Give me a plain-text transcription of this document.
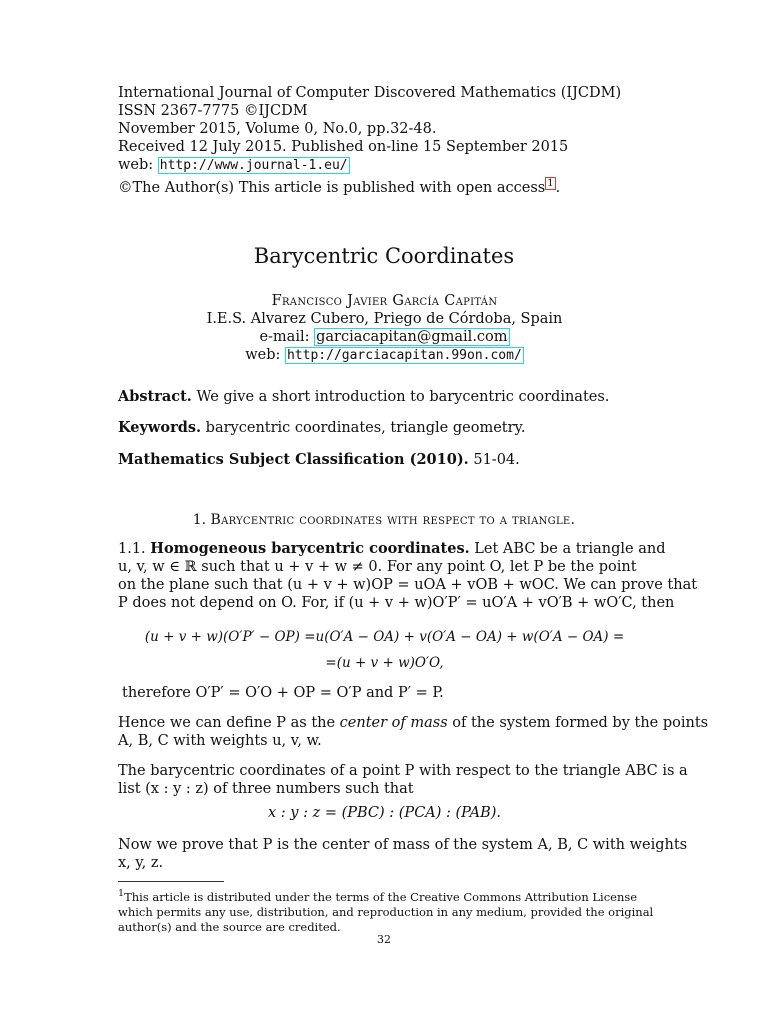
International Journal of Computer Discovered Mathematics (IJCDM)
ISSN 2367-7775 ©IJCDM
November 2015, Volume 0, No.0, pp.32-48.
Received 12 July 2015. Published on-line 15 September 2015
web: http://www.journal-1.eu/
©The Author(s) This article is published with open access $^1$ .
Barycentric Coordinates
Francisco Javier García Capitán
I.E.S. Alvarez Cubero, Priego de Córdoba, Spain
e-mail: garciacapitan@gmail.com
web: http://garciacapitan.99on.com/
Abstract. We give a short introduction to barycentric coordinates.
Keywords. barycentric coordinates, triangle geometry.
Mathematics Subject Classification (2010). 51-04.
1. Barycentric coordinates with respect to a triangle.
1.1. Homogeneous barycentric coordinates. Let ABC be a triangle and
u, v, w ∈ ℝ such that u + v + w ≠ 0. For any point O, let P be the point
on the plane such that (u + v + w)OP = uOA + vOB + wOC. We can prove that
P does not depend on O. For, if (u + v + w)O′P′ = uO′A + vO′B + wO′C, then
(u + v + w)(O′P′ − OP) =u(O′A − OA) + v(O′A − OA) + w(O′A − OA) =
=(u + v + w)O′O,
therefore O′P′ = O′O + OP = O′P and P′ = P.
Hence we can define P as the center of mass of the system formed by the points
A, B, C with weights u, v, w.
The barycentric coordinates of a point P with respect to the triangle ABC is a
list (x : y : z) of three numbers such that
x : y : z = (PBC) : (PCA) : (PAB).
Now we prove that P is the center of mass of the system A, B, C with weights
x, y, z.
$^1$This article is distributed under the terms of the Creative Commons Attribution License
which permits any use, distribution, and reproduction in any medium, provided the original
author(s) and the source are credited.
32
